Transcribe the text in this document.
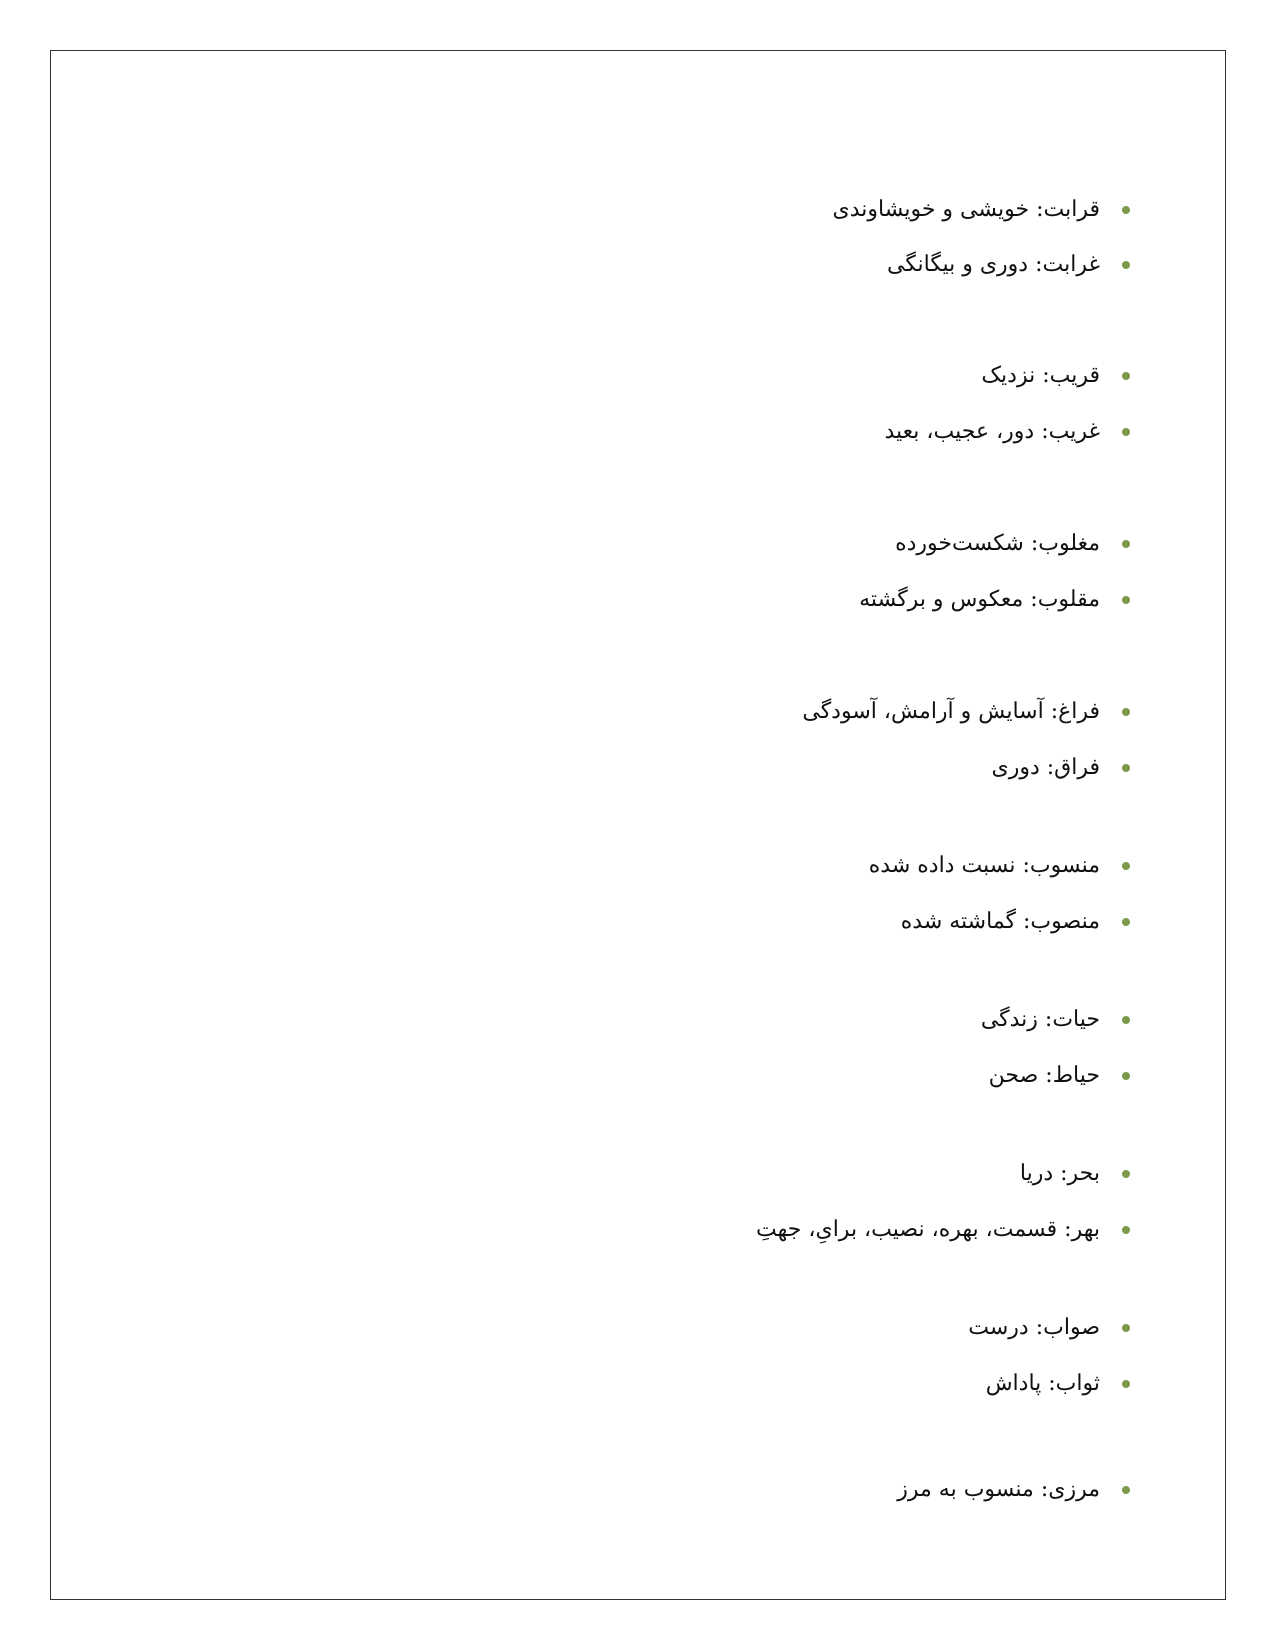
قرابت: خویشی و خویشاوندی
غرابت: دوری و بیگانگی
قریب: نزدیک
غریب: دور، عجیب، بعید
مغلوب: شکست‌خورده
مقلوب: معکوس و برگشته
فراغ: آسایش و آرامش، آسودگی
فراق: دوری
منسوب: نسبت داده شده
منصوب: گماشته شده
حیات: زندگی
حیاط: صحن
بحر: دریا
بهر: قسمت، بهره، نصیب، برایِ، جهتِ
صواب: درست
ثواب: پاداش
مرزی: منسوب به مرز
